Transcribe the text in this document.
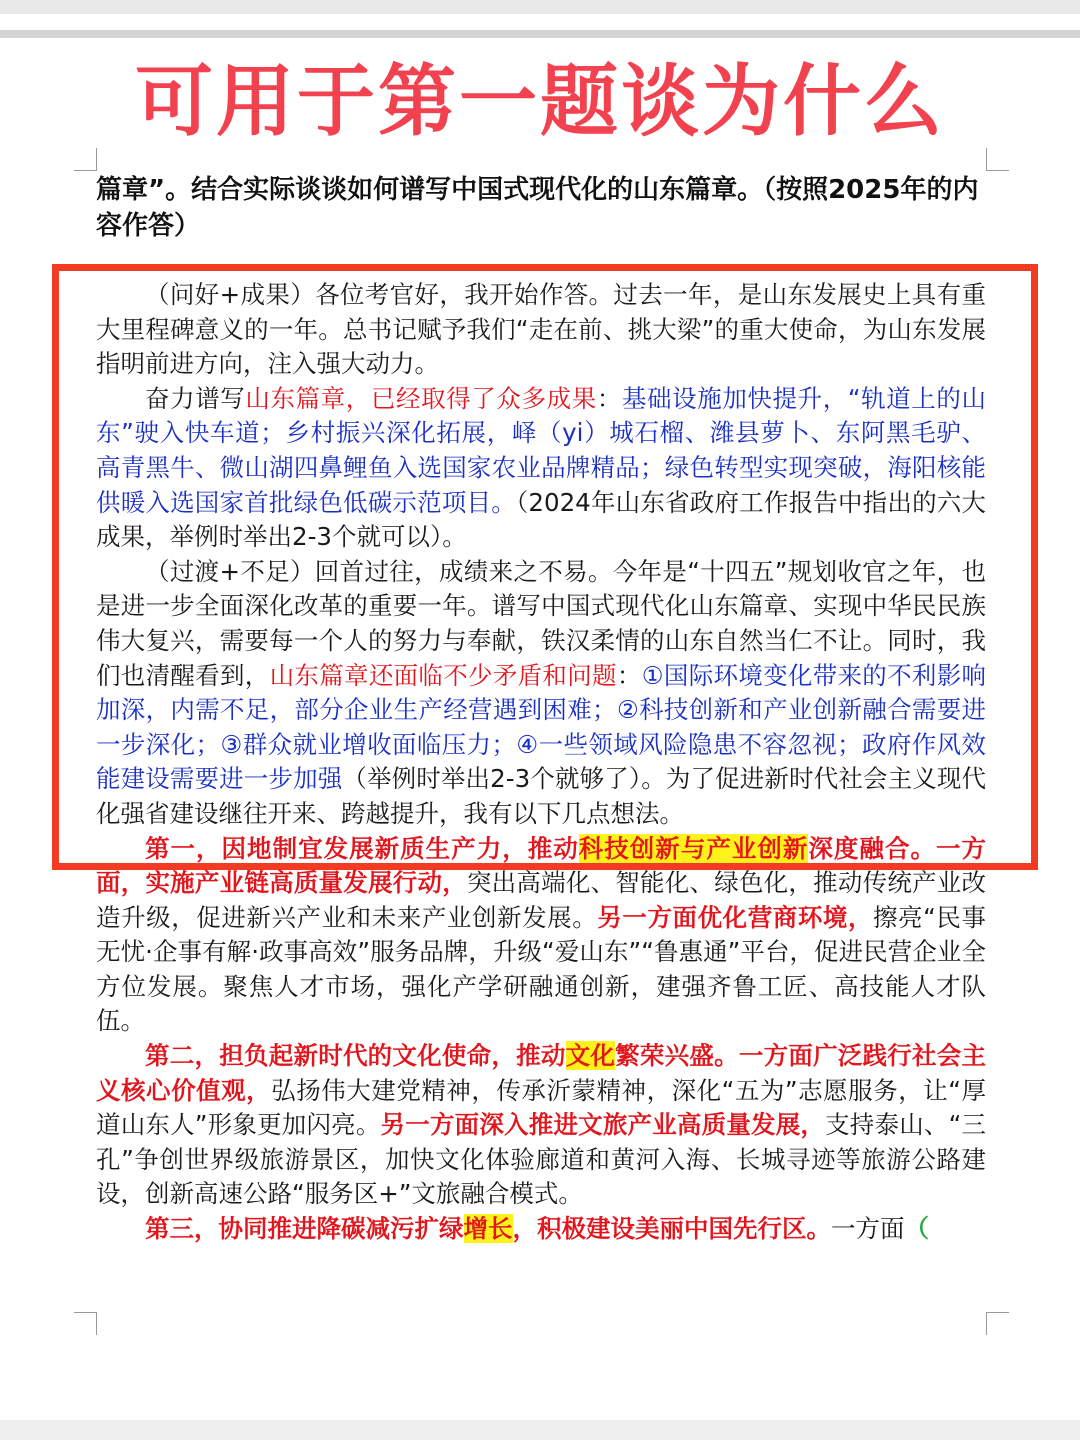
可用于第一题谈为什么
篇章”。结合实际谈谈如何谱写中国式现代化的山东篇章。（按照2025年的内容作答）

（问好+成果）各位考官好，我开始作答。过去一年，是山东发展史上具有重大里程碑意义的一年。总书记赋予我们“走在前、挑大梁”的重大使命，为山东发展指明前进方向，注入强大动力。

奋力谱写山东篇章，已经取得了众多成果：基础设施加快提升，“轨道上的山东”驶入快车道；乡村振兴深化拓展，峄（yi）城石榴、潍县萝卜、东阿黑毛驴、高青黑牛、微山湖四鼻鲤鱼入选国家农业品牌精品；绿色转型实现突破，海阳核能供暖入选国家首批绿色低碳示范项目。（2024年山东省政府工作报告中指出的六大成果，举例时举出2-3个就可以）。

（过渡+不足）回首过往，成绩来之不易。今年是“十四五”规划收官之年，也是进一步全面深化改革的重要一年。谱写中国式现代化山东篇章、实现中华民民族伟大复兴，需要每一个人的努力与奉献，铁汉柔情的山东自然当仁不让。同时，我们也清醒看到，山东篇章还面临不少矛盾和问题：①国际环境变化带来的不利影响加深，内需不足，部分企业生产经营遇到困难；②科技创新和产业创新融合需要进一步深化；③群众就业增收面临压力；④一些领域风险隐患不容忽视；政府作风效能建设需要进一步加强（举例时举出2-3个就够了）。为了促进新时代社会主义现代化强省建设继往开来、跨越提升，我有以下几点想法。

第一，因地制宜发展新质生产力，推动科技创新与产业创新深度融合。一方面，实施产业链高质量发展行动，突出高端化、智能化、绿色化，推动传统产业改造升级，促进新兴产业和未来产业创新发展。另一方面优化营商环境，擦亮“民事无忧·企事有解·政事高效”服务品牌，升级“爱山东”“鲁惠通”平台，促进民营企业全方位发展。聚焦人才市场，强化产学研融通创新，建强齐鲁工匠、高技能人才队伍。

第二，担负起新时代的文化使命，推动文化繁荣兴盛。一方面广泛践行社会主义核心价值观，弘扬伟大建党精神，传承沂蒙精神，深化“五为”志愿服务，让“厚道山东人”形象更加闪亮。另一方面深入推进文旅产业高质量发展，支持泰山、“三孔”争创世界级旅游景区，加快文化体验廊道和黄河入海、长城寻迹等旅游公路建设，创新高速公路“服务区+”文旅融合模式。

第三，协同推进降碳减污扩绿增长，积极建设美丽中国先行区。一方面（
